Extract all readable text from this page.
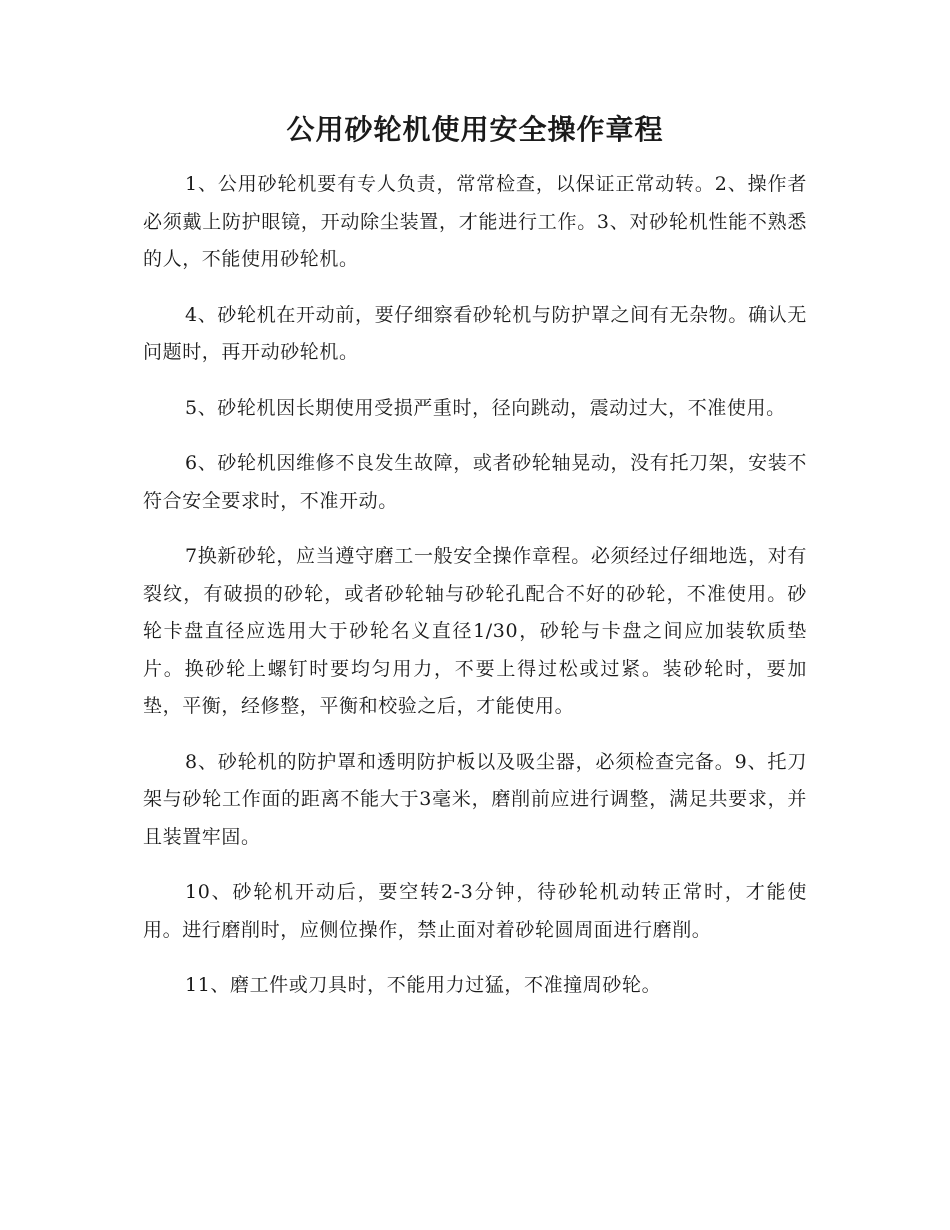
公用砂轮机使用安全操作章程

1、公用砂轮机要有专人负责，常常检查，以保证正常动转。2、操作者必须戴上防护眼镜，开动除尘装置，才能进行工作。3、对砂轮机性能不熟悉的人，不能使用砂轮机。

4、砂轮机在开动前，要仔细察看砂轮机与防护罩之间有无杂物。确认无问题时，再开动砂轮机。

5、砂轮机因长期使用受损严重时，径向跳动，震动过大，不准使用。

6、砂轮机因维修不良发生故障，或者砂轮轴晃动，没有托刀架，安装不符合安全要求时，不准开动。

7换新砂轮，应当遵守磨工一般安全操作章程。必须经过仔细地选，对有裂纹，有破损的砂轮，或者砂轮轴与砂轮孔配合不好的砂轮，不准使用。砂轮卡盘直径应选用大于砂轮名义直径1/30，砂轮与卡盘之间应加装软质垫片。换砂轮上螺钉时要均匀用力，不要上得过松或过紧。装砂轮时，要加垫，平衡，经修整，平衡和校验之后，才能使用。

8、砂轮机的防护罩和透明防护板以及吸尘器，必须检查完备。9、托刀架与砂轮工作面的距离不能大于3毫米，磨削前应进行调整，满足共要求，并且装置牢固。

10、砂轮机开动后，要空转2-3分钟，待砂轮机动转正常时，才能使用。进行磨削时，应侧位操作，禁止面对着砂轮圆周面进行磨削。

11、磨工件或刀具时，不能用力过猛，不准撞周砂轮。
